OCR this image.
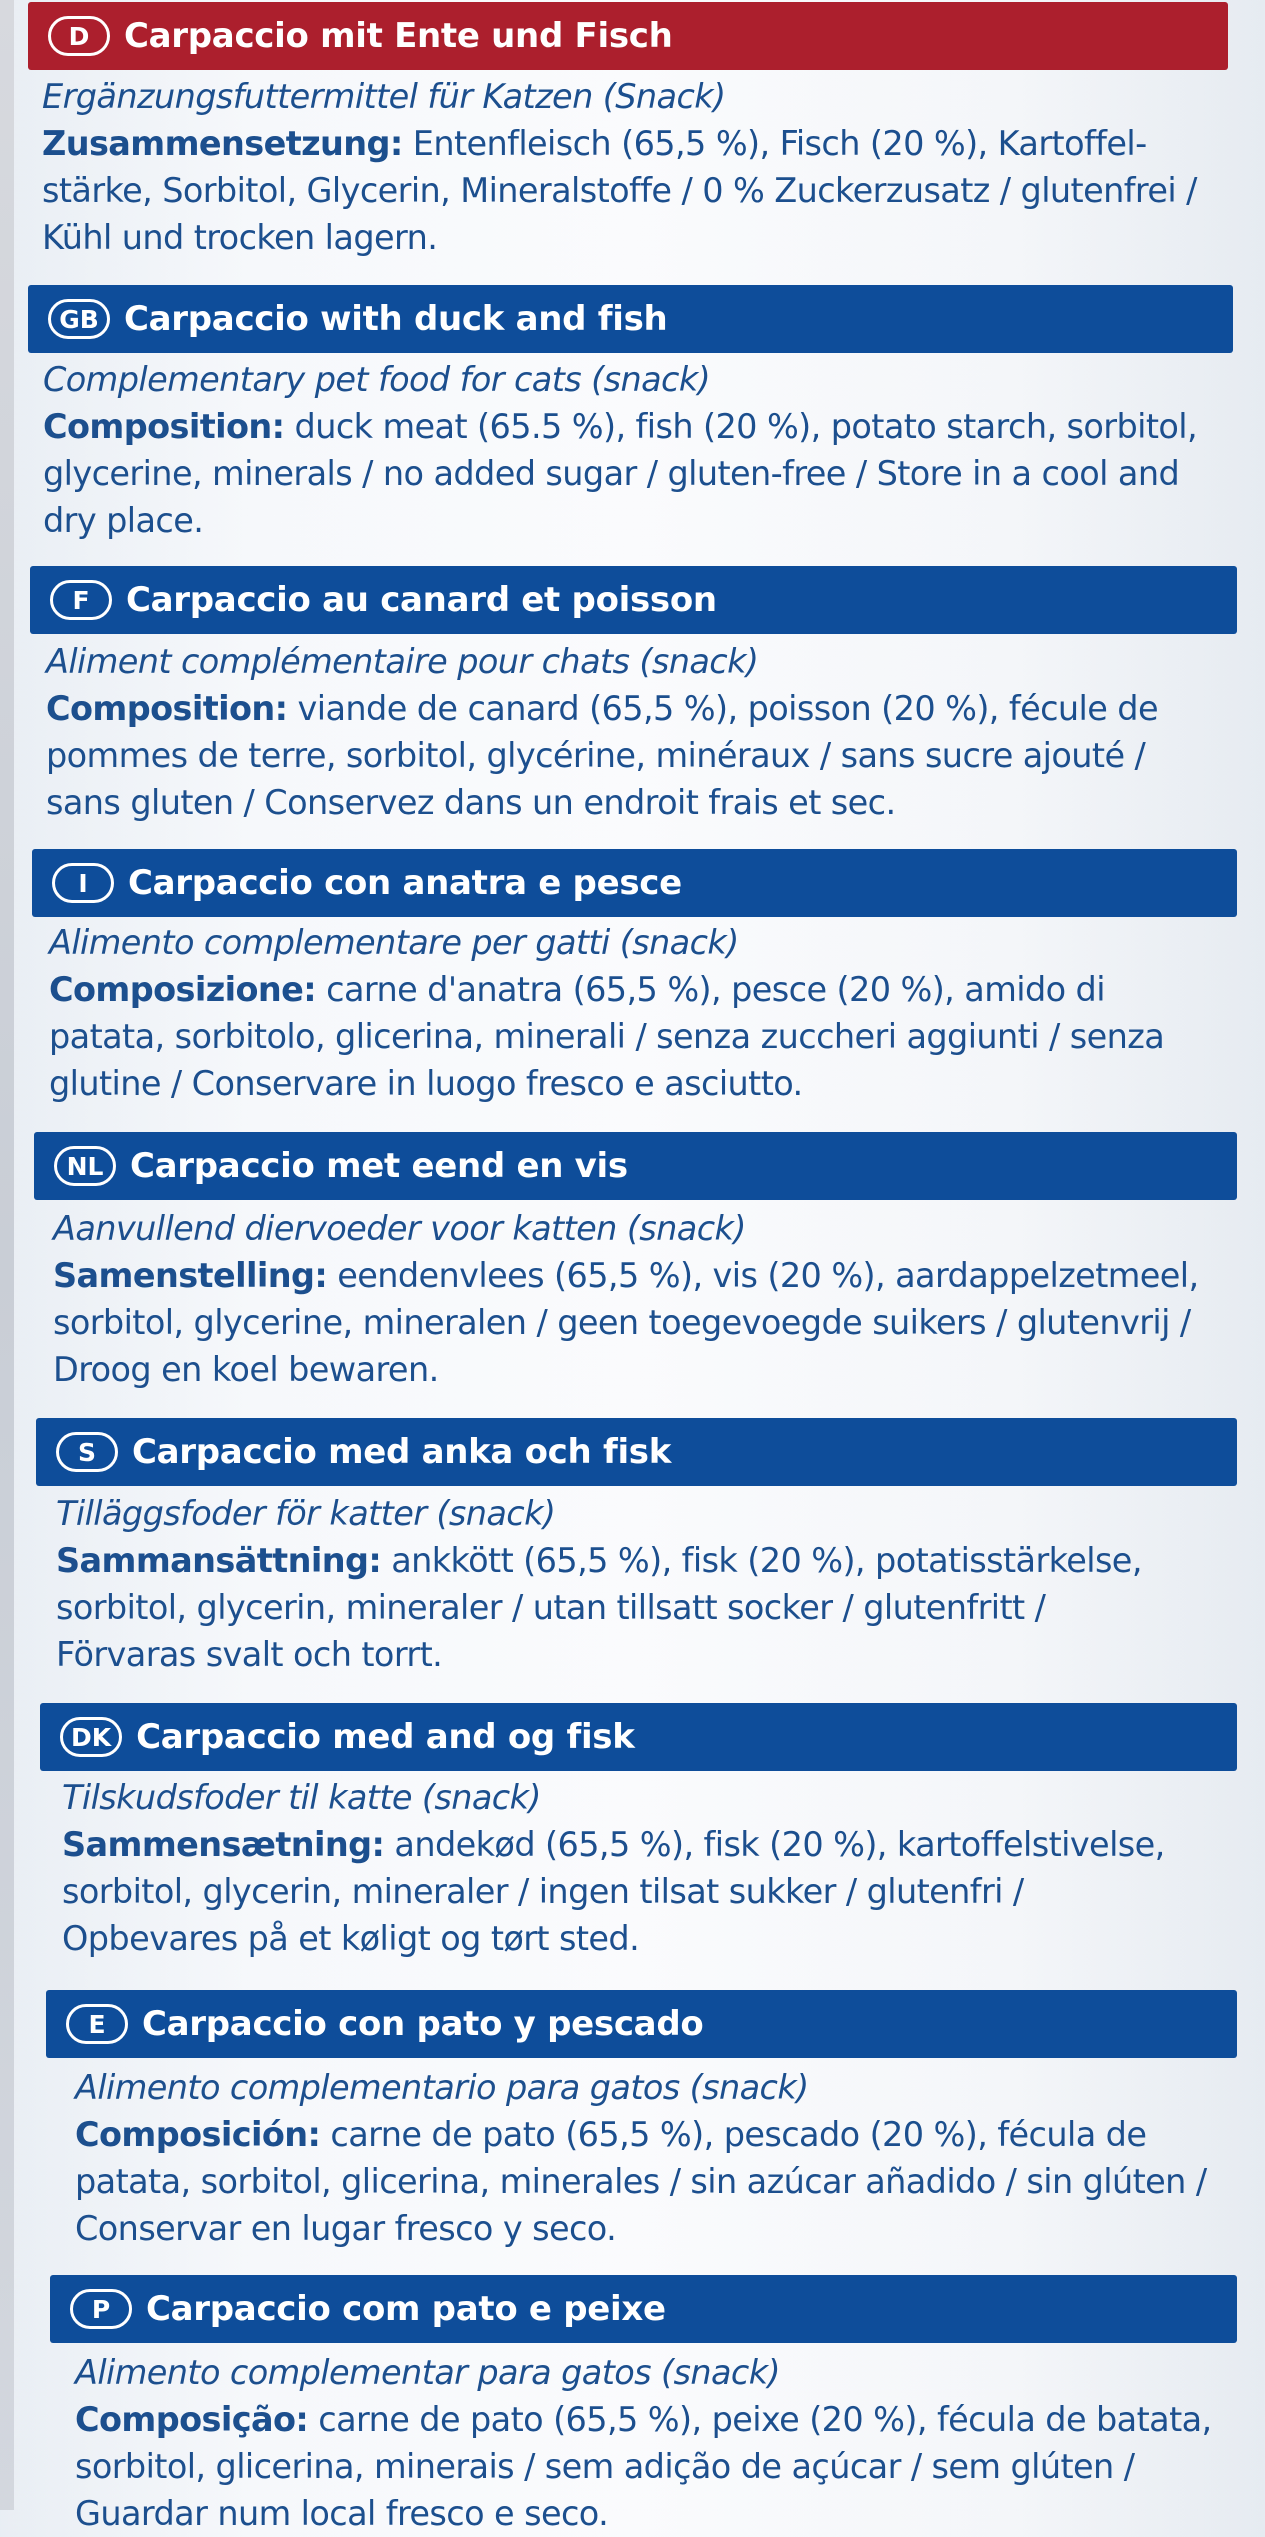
D	Carpaccio mit Ente und Fisch
Ergänzungsfuttermittel für Katzen (Snack)
Zusammensetzung: Entenfleisch (65,5 %), Fisch (20 %), Kartoffel-
stärke, Sorbitol, Glycerin, Mineralstoffe / 0 % Zuckerzusatz / glutenfrei /
Kühl und trocken lagern.
GB Carpaccio with duck and fish
Complementary pet food for cats (snack)
Composition: duck meat (65.5 %), fish (20 %), potato starch, sorbitol,
glycerine, minerals / no added sugar / gluten-free / Store in a cool and
dry place.
F	Carpaccio au canard et poisson
Aliment complémentaire pour chats (snack)
Composition: viande de canard (65,5 %), poisson (20 %), fécule de
pommes de terre, sorbitol, glycérine, minéraux / sans sucre ajouté /
sans gluten / Conservez dans un endroit frais et sec.
I	Carpaccio con anatra e pesce
Alimento complementare per gatti (snack)
Composizione: carne d'anatra (65,5 %), pesce (20 %), amido di
patata, sorbitolo, glicerina, minerali / senza zuccheri aggiunti / senza
glutine / Conservare in luogo fresco e asciutto.
NL Carpaccio met eend en vis
Aanvullend diervoeder voor katten (snack)
Samenstelling: eendenvlees (65,5 %), vis (20 %), aardappelzetmeel,
sorbitol, glycerine, mineralen / geen toegevoegde suikers / glutenvrij /
Droog en koel bewaren.
S	Carpaccio med anka och fisk
Tilläggsfoder för katter (snack)
Sammansättning: ankkött (65,5 %), fisk (20 %), potatisstärkelse,
sorbitol, glycerin, mineraler / utan tillsatt socker / glutenfritt /
Förvaras svalt och torrt.
DK Carpaccio med and og fisk
Tilskudsfoder til katte (snack)
Sammensætning: andekød (65,5 %), fisk (20 %), kartoffelstivelse,
sorbitol, glycerin, mineraler / ingen tilsat sukker / glutenfri /
Opbevares på et køligt og tørt sted.
E	Carpaccio con pato y pescado
Alimento complementario para gatos (snack)
Composición: carne de pato (65,5 %), pescado (20 %), fécula de
patata, sorbitol, glicerina, minerales / sin azúcar añadido / sin glúten /
Conservar en lugar fresco y seco.
P	Carpaccio com pato e peixe
Alimento complementar para gatos (snack)
Composição: carne de pato (65,5 %), peixe (20 %), fécula de batata,
sorbitol, glicerina, minerais / sem adição de açúcar / sem glúten /
Guardar num local fresco e seco.
